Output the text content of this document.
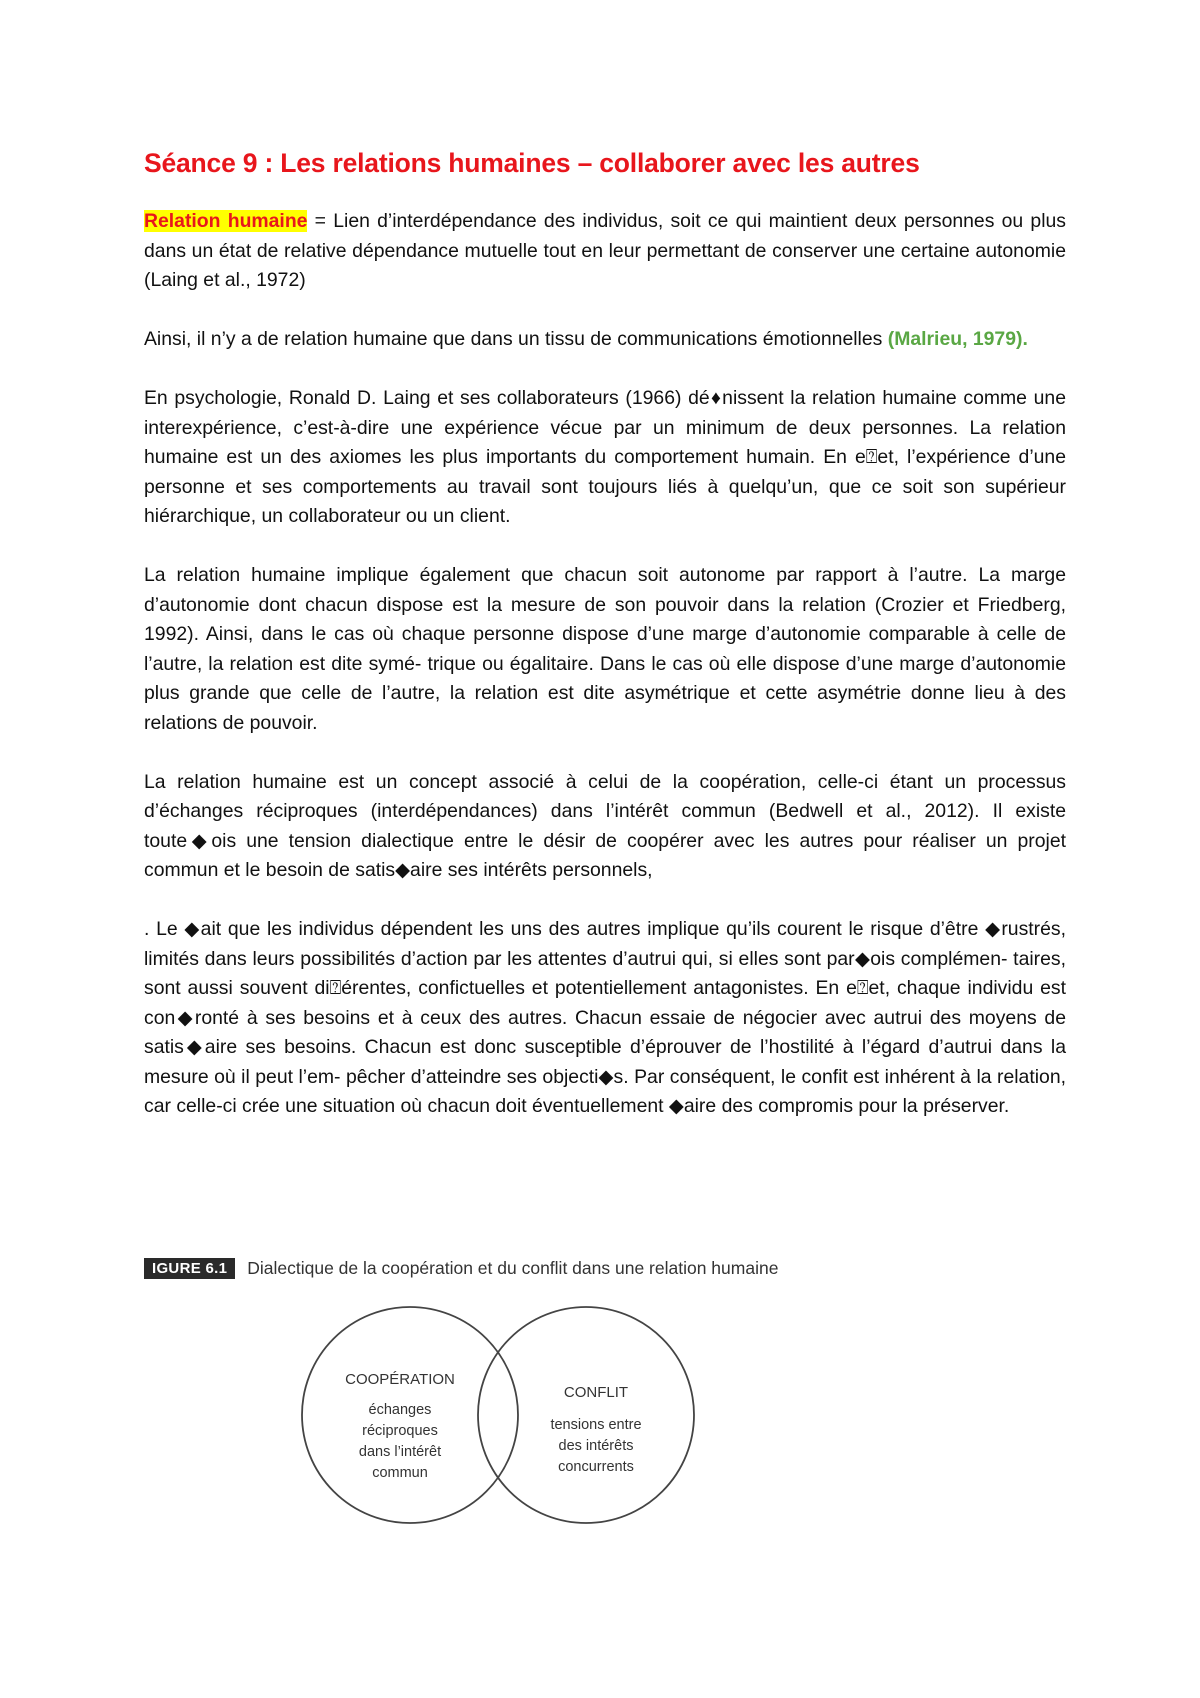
Séance 9 : Les relations humaines – collaborer avec les autres

Relation humaine = Lien d’interdépendance des individus, soit ce qui maintient deux personnes ou plus dans un état de relative dépendance mutuelle tout en leur permettant de conserver une certaine autonomie (Laing et al., 1972)

Ainsi, il n’y a de relation humaine que dans un tissu de communications émotionnelles (Malrieu, 1979).

En psychologie, Ronald D. Laing et ses collaborateurs (1966) dé♦nissent la relation humaine comme une interexpérience, c’est-à-dire une expérience vécue par un minimum de deux personnes. La relation humaine est un des axiomes les plus importants du comportement humain. En e⍰et, l’expérience d’une personne et ses comportements au travail sont toujours liés à quelqu’un, que ce soit son supérieur hiérarchique, un collaborateur ou un client.

La relation humaine implique également que chacun soit autonome par rapport à l’autre. La marge d’autonomie dont chacun dispose est la mesure de son pouvoir dans la relation (Crozier et Friedberg, 1992). Ainsi, dans le cas où chaque personne dispose d’une marge d’autonomie comparable à celle de l’autre, la relation est dite symé- trique ou égalitaire. Dans le cas où elle dispose d’une marge d’autonomie plus grande que celle de l’autre, la relation est dite asymétrique et cette asymétrie donne lieu à des relations de pouvoir.

La relation humaine est un concept associé à celui de la coopération, celle-ci étant un processus d’échanges réciproques (interdépendances) dans l’intérêt commun (Bedwell et al., 2012). Il existe toute◆ois une tension dialectique entre le désir de coopérer avec les autres pour réaliser un projet commun et le besoin de satis◆aire ses intérêts personnels,

. Le ◆ait que les individus dépendent les uns des autres implique qu’ils courent le risque d’être ◆rustrés, limités dans leurs possibilités d’action par les attentes d’autrui qui, si elles sont par◆ois complémen- taires, sont aussi souvent di⍰érentes, confictuelles et potentiellement antagonistes. En e⍰et, chaque individu est con◆ronté à ses besoins et à ceux des autres. Chacun essaie de négocier avec autrui des moyens de satis◆aire ses besoins. Chacun est donc susceptible d’éprouver de l’hostilité à l’égard d’autrui dans la mesure où il peut l’em- pêcher d’atteindre ses objecti◆s. Par conséquent, le confit est inhérent à la relation, car celle-ci crée une situation où chacun doit éventuellement ◆aire des compromis pour la préserver.

IGURE 6.1	Dialectique de la coopération et du conflit dans une relation humaine
COOPÉRATION
échanges
réciproques
dans l’intérêt
commun
CONFLIT
tensions entre
des intérêts
concurrents
